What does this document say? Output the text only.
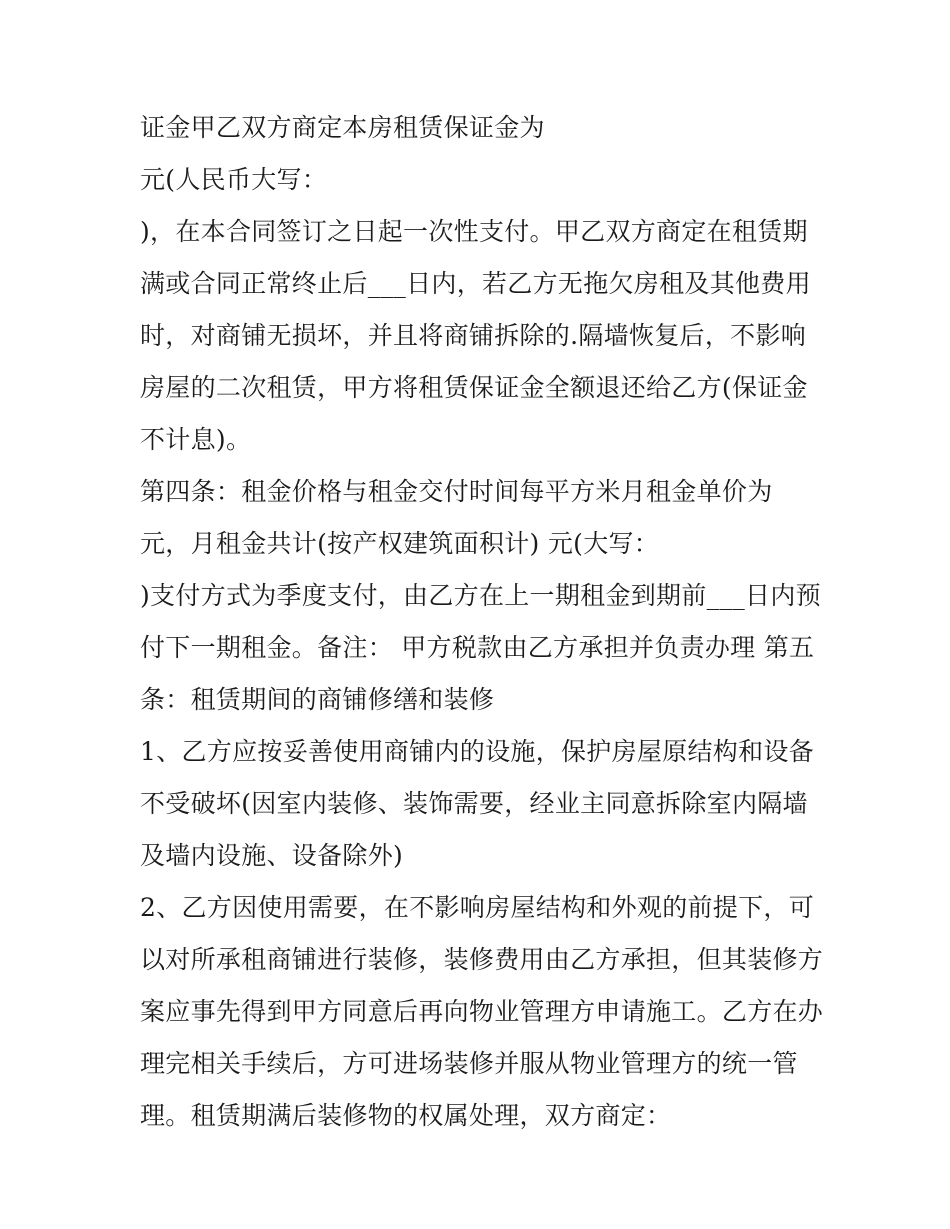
证金甲乙双方商定本房租赁保证金为
元(人民币大写：
)，在本合同签订之日起一次性支付。甲乙双方商定在租赁期
满或合同正常终止后___日内，若乙方无拖欠房租及其他费用
时，对商铺无损坏，并且将商铺拆除的.隔墙恢复后，不影响
房屋的二次租赁，甲方将租赁保证金全额退还给乙方(保证金
不计息)。
第四条：租金价格与租金交付时间每平方米月租金单价为
元，月租金共计(按产权建筑面积计) 元(大写：
)支付方式为季度支付，由乙方在上一期租金到期前___日内预
付下一期租金。备注： 甲方税款由乙方承担并负责办理 第五
条：租赁期间的商铺修缮和装修
1、乙方应按妥善使用商铺内的设施，保护房屋原结构和设备
不受破坏(因室内装修、装饰需要，经业主同意拆除室内隔墙
及墙内设施、设备除外)
2、乙方因使用需要，在不影响房屋结构和外观的前提下，可
以对所承租商铺进行装修，装修费用由乙方承担，但其装修方
案应事先得到甲方同意后再向物业管理方申请施工。乙方在办
理完相关手续后，方可进场装修并服从物业管理方的统一管
理。租赁期满后装修物的权属处理，双方商定：
